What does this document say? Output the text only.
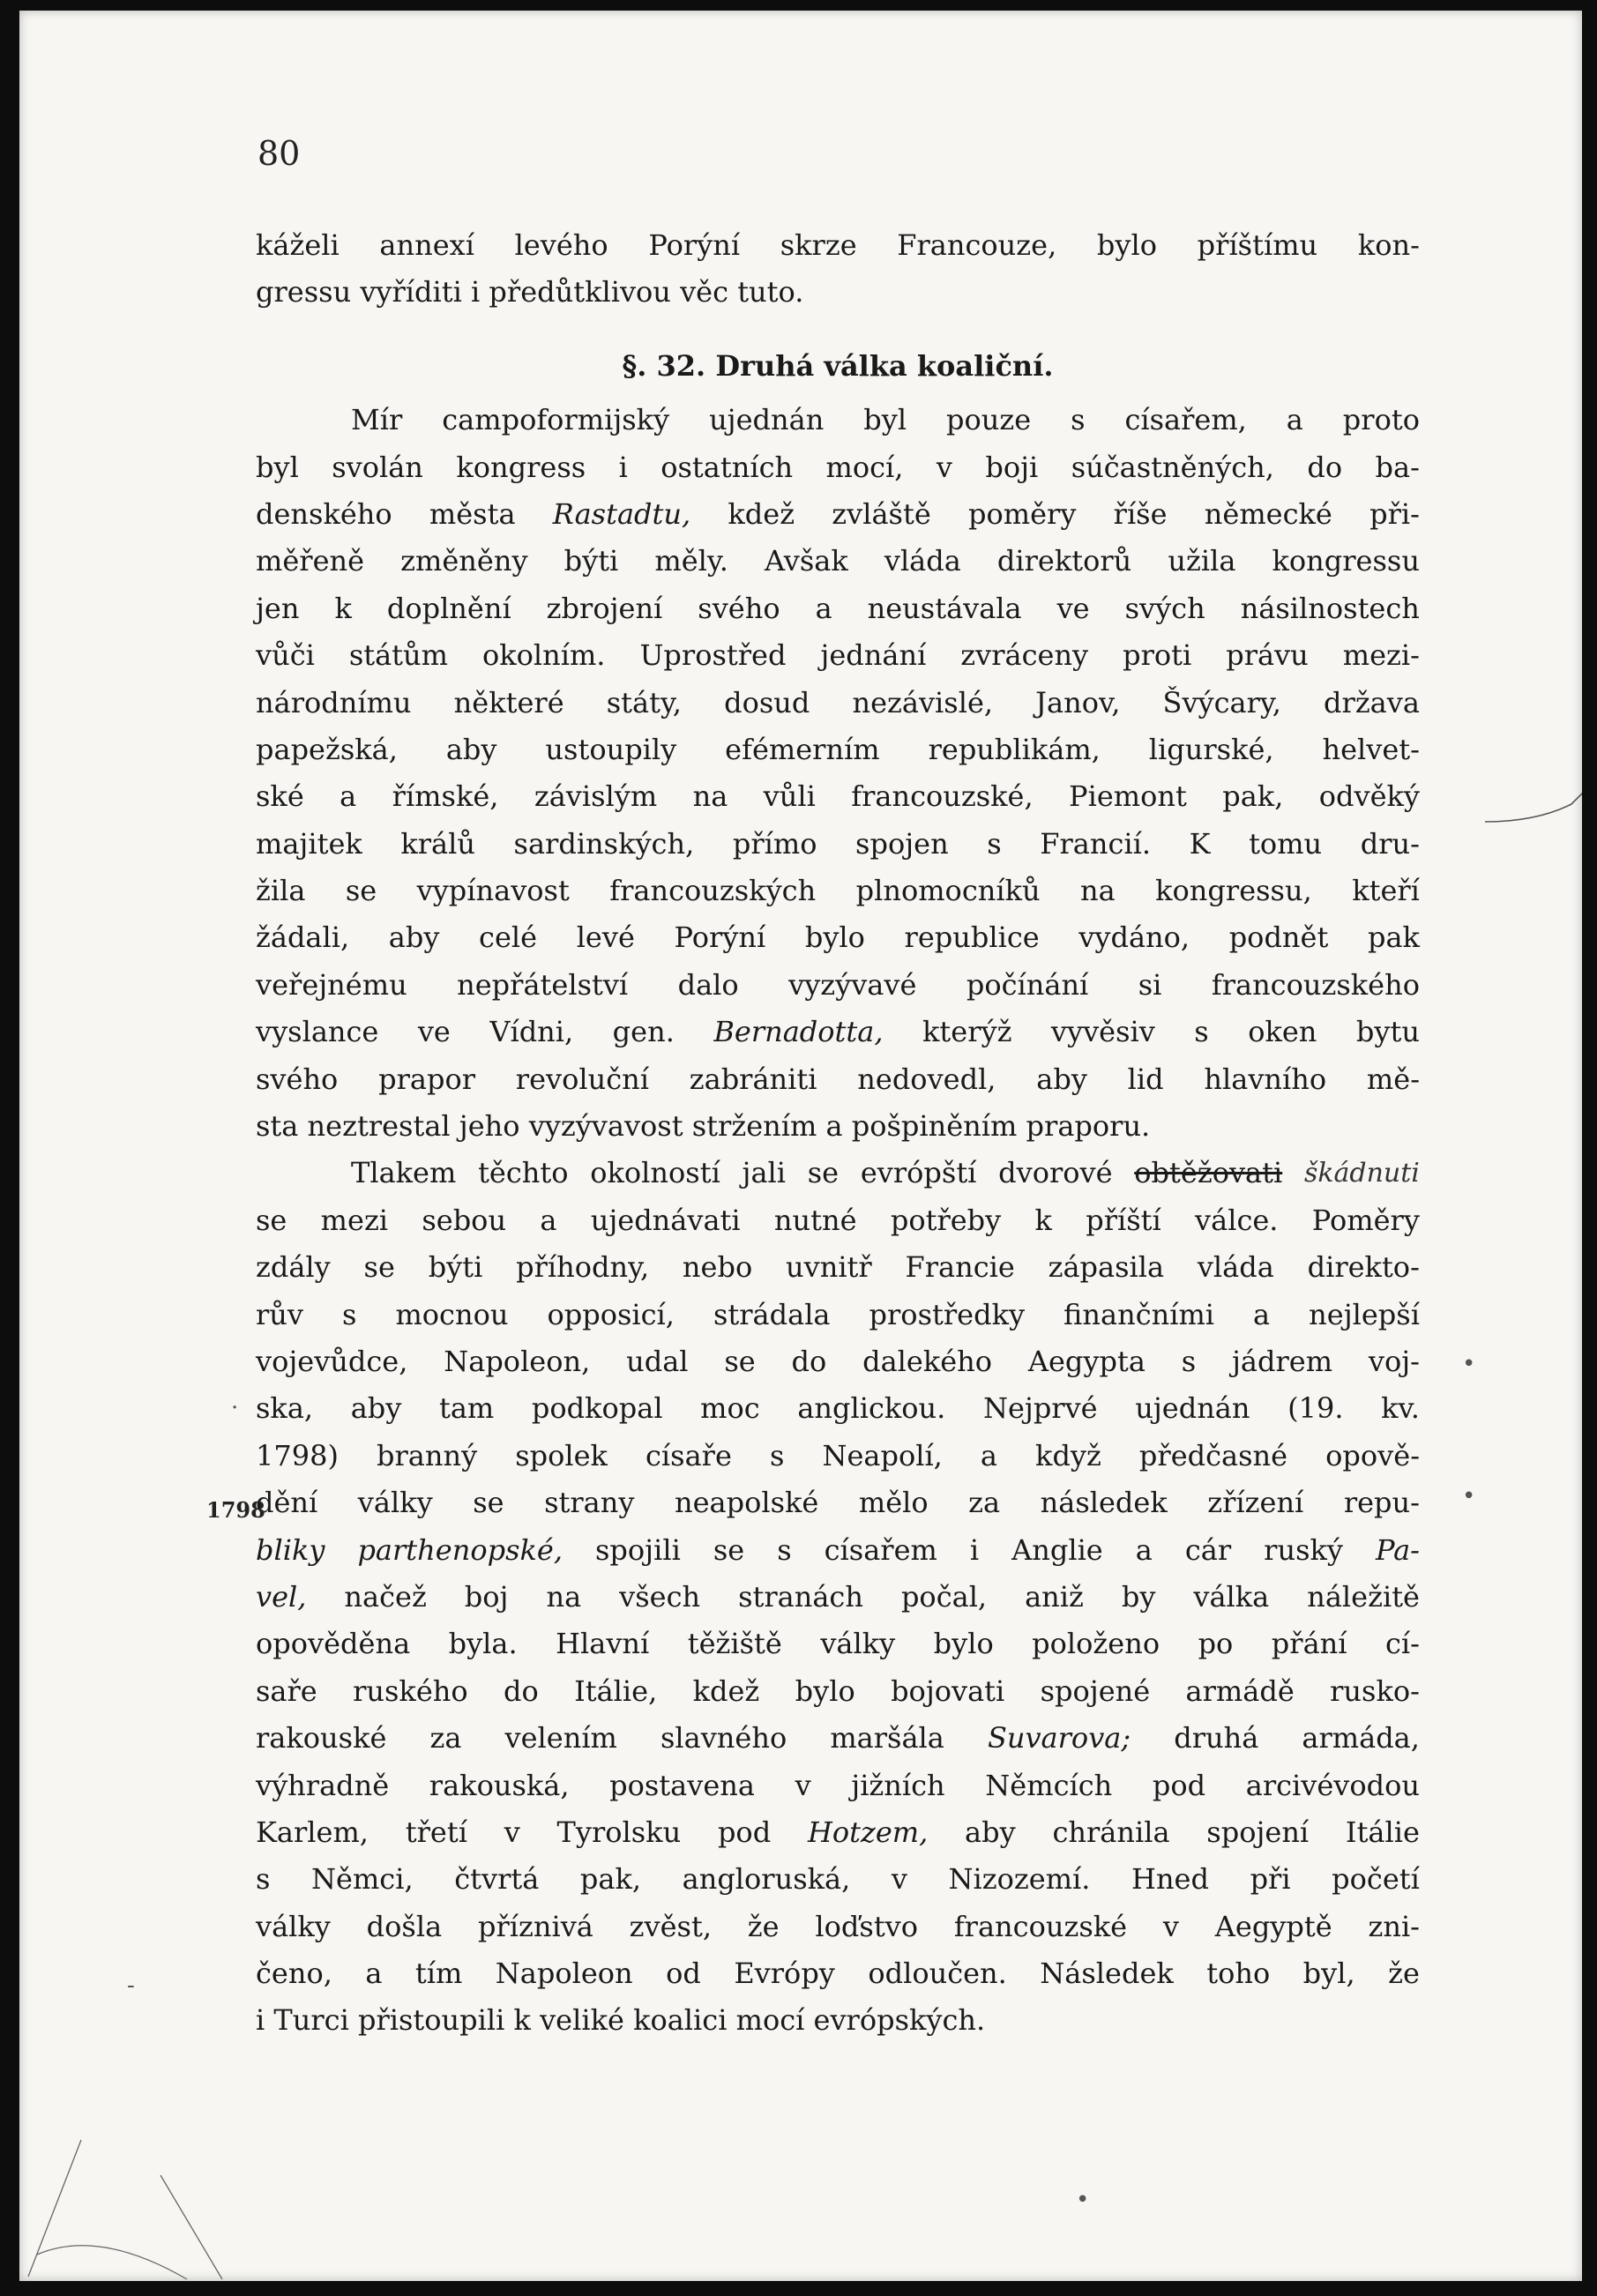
80
káželi annexí levého Porýní skrze Francouze, bylo příštímu kon-
gressu vyříditi i předůtklivou věc tuto.
§. 32. Druhá válka koaliční.
Mír campoformijský ujednán byl pouze s císařem, a proto
byl svolán kongress i ostatních mocí, v boji súčastněných, do ba-
denského města Rastadtu, kdež zvláště poměry říše německé při-
měřeně změněny býti měly. Avšak vláda direktorů užila kongressu
jen k doplnění zbrojení svého a neustávala ve svých násilnostech
vůči státům okolním. Uprostřed jednání zvráceny proti právu mezi-
národnímu některé státy, dosud nezávislé, Janov, Švýcary, država
papežská, aby ustoupily efémerním republikám, ligurské, helvet-
ské a římské, závislým na vůli francouzské, Piemont pak, odvěký
majitek králů sardinských, přímo spojen s Francií. K tomu dru-
žila se vypínavost francouzských plnomocníků na kongressu, kteří
žádali, aby celé levé Porýní bylo republice vydáno, podnět pak
veřejnému nepřátelství dalo vyzývavé počínání si francouzského
vyslance ve Vídni, gen. Bernadotta, kterýž vyvěsiv s oken bytu
svého prapor revoluční zabrániti nedovedl, aby lid hlavního mě-
sta neztrestal jeho vyzývavost stržením a pošpiněním praporu.
Tlakem těchto okolností jali se evrópští dvorové obtěžovati škádnuti
se mezi sebou a ujednávati nutné potřeby k příští válce. Poměry
zdály se býti příhodny, nebo uvnitř Francie zápasila vláda direkto-
rův s mocnou opposicí, strádala prostředky finančními a nejlepší
vojevůdce, Napoleon, udal se do dalekého Aegypta s jádrem voj-
ska, aby tam podkopal moc anglickou. Nejprvé ujednán (19. kv.
1798) branný spolek císaře s Neapolí, a když předčasné opově-
dění války se strany neapolské mělo za následek zřízení repu-
bliky parthenopské, spojili se s císařem i Anglie a cár ruský Pa-
vel, načež boj na všech stranách počal, aniž by válka náležitě
opověděna byla. Hlavní těžiště války bylo položeno po přání cí-
saře ruského do Itálie, kdež bylo bojovati spojené armádě rusko-
rakouské za velením slavného maršála Suvarova; druhá armáda,
výhradně rakouská, postavena v jižních Němcích pod arcivévodou
Karlem, třetí v Tyrolsku pod Hotzem, aby chránila spojení Itálie
s Němci, čtvrtá pak, angloruská, v Nizozemí. Hned při početí
války došla příznivá zvěst, že loďstvo francouzské v Aegyptě zni-
čeno, a tím Napoleon od Evrópy odloučen. Následek toho byl, že
i Turci přistoupili k veliké koalici mocí evrópských.
1798
•
•
·
-
•
